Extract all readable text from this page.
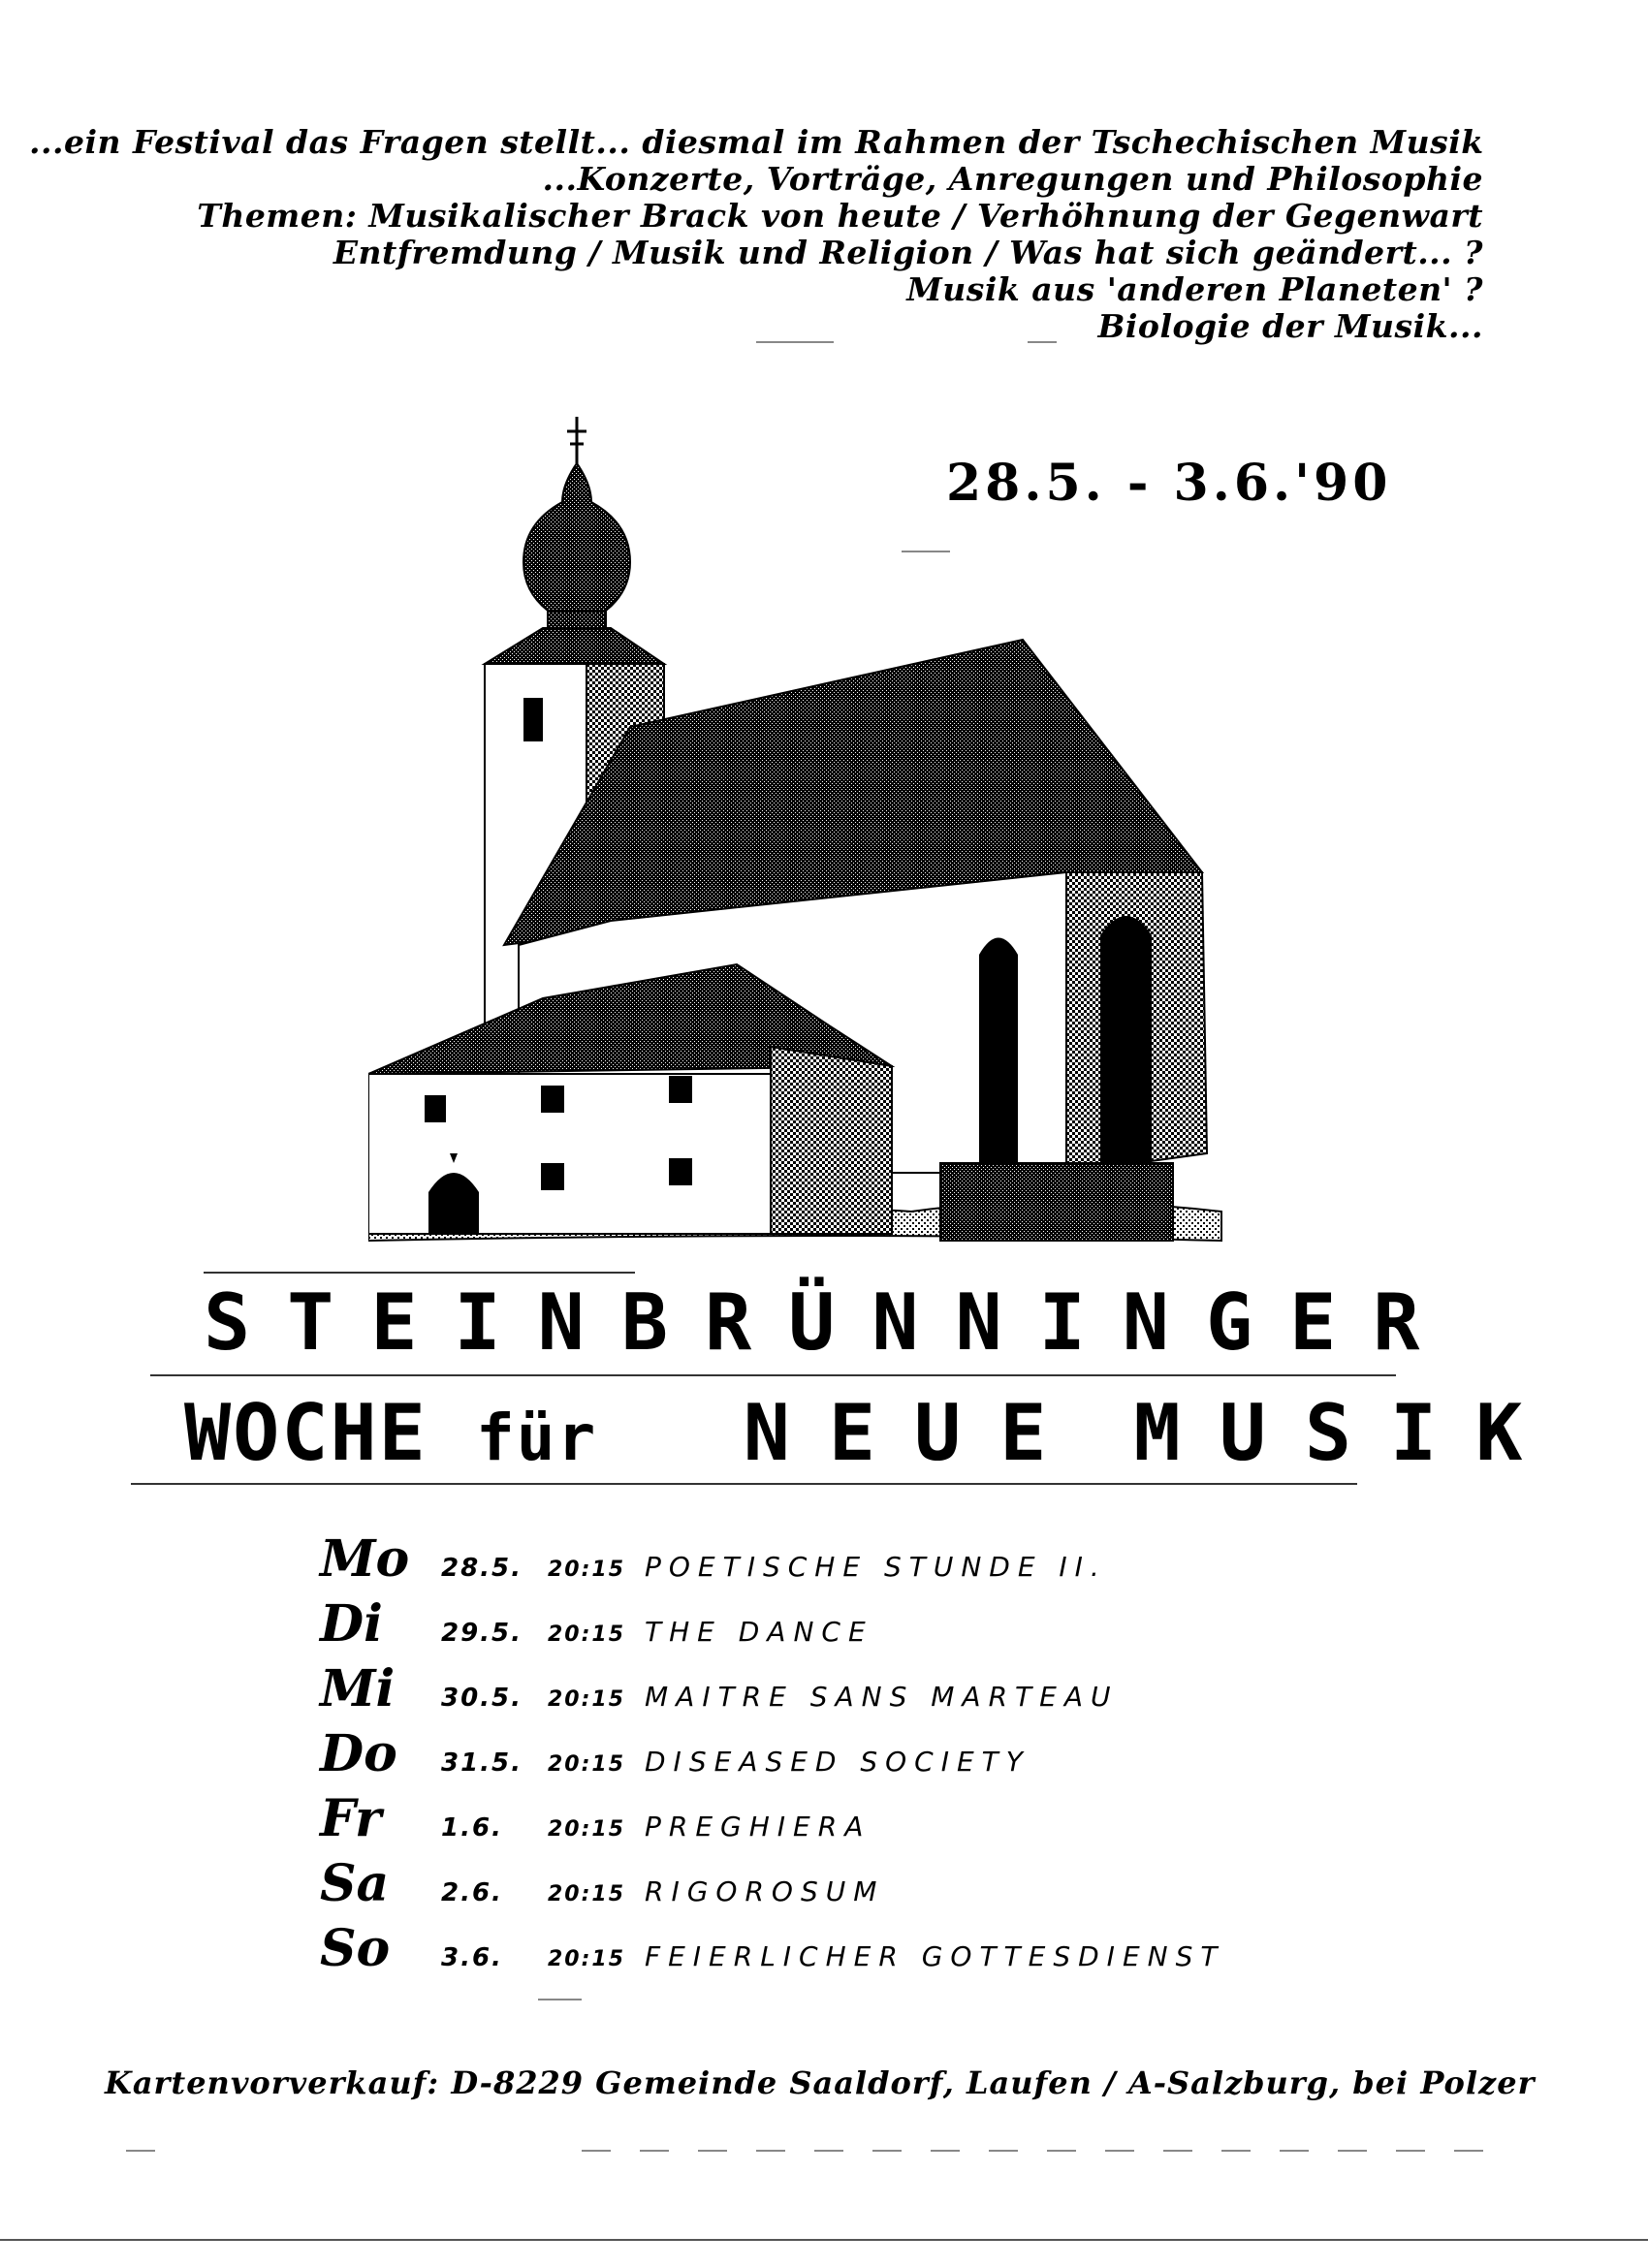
...ein Festival das Fragen stellt... diesmal im Rahmen der Tschechischen Musik
...Konzerte, Vorträge, Anregungen und Philosophie
Themen: Musikalischer Brack von heute / Verhöhnung der Gegenwart
Entfremdung / Musik und Religion / Was hat sich geändert... ?
Musik aus 'anderen Planeten' ?
Biologie der Musik...
28.5. - 3.6.'90
STEINBRÜNNINGER
WOCHE für NEUE MUSIK
Mo	28.5.	20:15 POETISCHE STUNDE II.
Di	29.5.	20:15 THE DANCE
Mi	30.5.	20:15 MAITRE SANS MARTEAU
Do	31.5.	20:15 DISEASED SOCIETY
Fr	1.6.	20:15 PREGHIERA
Sa	2.6.	20:15 RIGOROSUM
So	3.6.	20:15 FEIERLICHER GOTTESDIENST
Kartenvorverkauf: D-8229 Gemeinde Saaldorf, Laufen / A-Salzburg, bei Polzer
